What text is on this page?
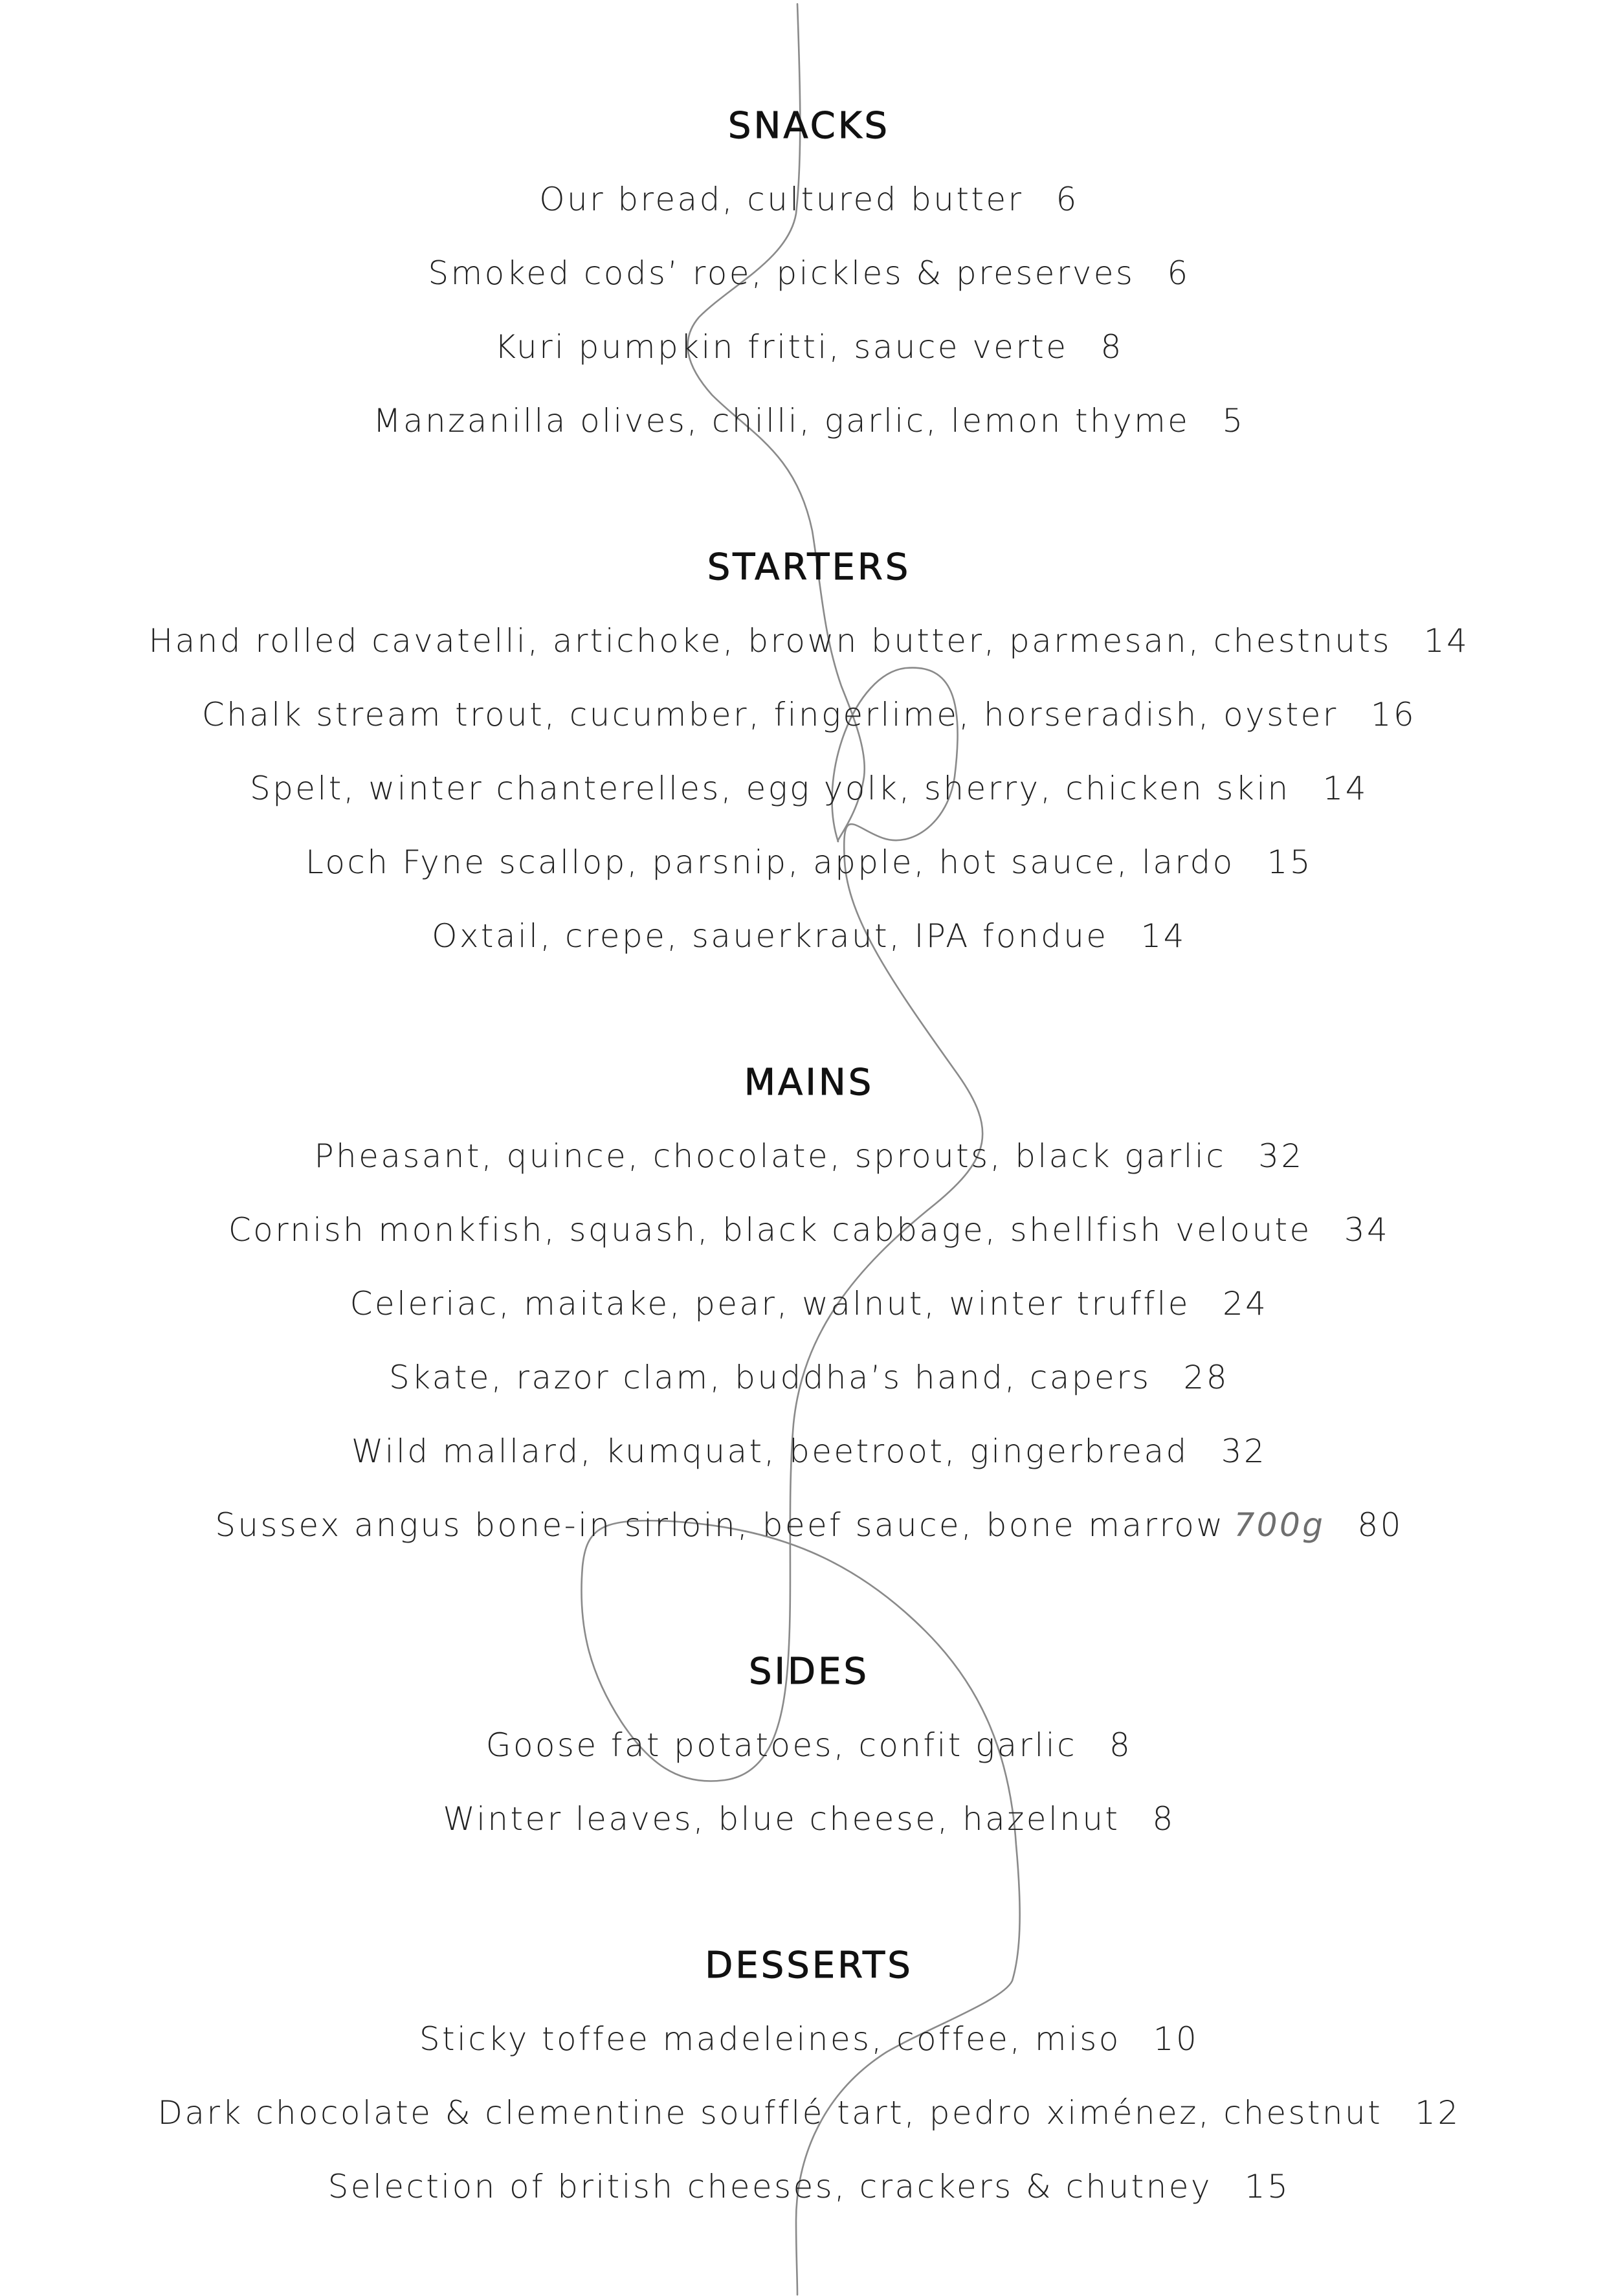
SNACKS
Our bread, cultured butter 6
Smoked cods’ roe, pickles & preserves 6
Kuri pumpkin fritti, sauce verte 8
Manzanilla olives, chilli, garlic, lemon thyme 5
STARTERS
Hand rolled cavatelli, artichoke, brown butter, parmesan, chestnuts 14
Chalk stream trout, cucumber, fingerlime, horseradish, oyster 16
Spelt, winter chanterelles, egg yolk, sherry, chicken skin 14
Loch Fyne scallop, parsnip, apple, hot sauce, lardo 15
Oxtail, crepe, sauerkraut, IPA fondue 14
MAINS
Pheasant, quince, chocolate, sprouts, black garlic 32
Cornish monkfish, squash, black cabbage, shellfish veloute 34
Celeriac, maitake, pear, walnut, winter truffle 24
Skate, razor clam, buddha’s hand, capers 28
Wild mallard, kumquat, beetroot, gingerbread 32
Sussex angus bone-in sirloin, beef sauce, bone marrow 700g 80
SIDES
Goose fat potatoes, confit garlic 8
Winter leaves, blue cheese, hazelnut 8
DESSERTS
Sticky toffee madeleines, coffee, miso 10
Dark chocolate & clementine soufflé tart, pedro ximénez, chestnut 12
Selection of british cheeses, crackers & chutney 15
